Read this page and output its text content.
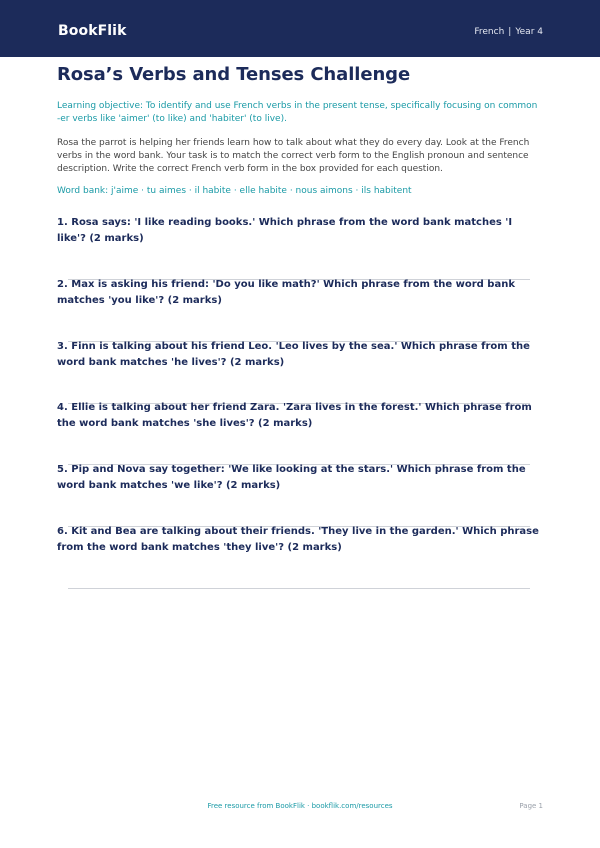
BookFlik	French | Year 4
Rosa’s Verbs and Tenses Challenge
Learning objective: To identify and use French verbs in the present tense, specifically focusing on common -er verbs like 'aimer' (to like) and 'habiter' (to live).
Rosa the parrot is helping her friends learn how to talk about what they do every day. Look at the French verbs in the word bank. Your task is to match the correct verb form to the English pronoun and sentence description. Write the correct French verb form in the box provided for each question.
Word bank: j'aime · tu aimes · il habite · elle habite · nous aimons · ils habitent
1. Rosa says: 'I like reading books.' Which phrase from the word bank matches 'I like'? (2 marks)
2. Max is asking his friend: 'Do you like math?' Which phrase from the word bank matches 'you like'? (2 marks)
3. Finn is talking about his friend Leo. 'Leo lives by the sea.' Which phrase from the word bank matches 'he lives'? (2 marks)
4. Ellie is talking about her friend Zara. 'Zara lives in the forest.' Which phrase from the word bank matches 'she lives'? (2 marks)
5. Pip and Nova say together: 'We like looking at the stars.' Which phrase from the word bank matches 'we like'? (2 marks)
6. Kit and Bea are talking about their friends. 'They live in the garden.' Which phrase from the word bank matches 'they live'? (2 marks)
Free resource from BookFlik · bookflik.com/resources	Page 1
